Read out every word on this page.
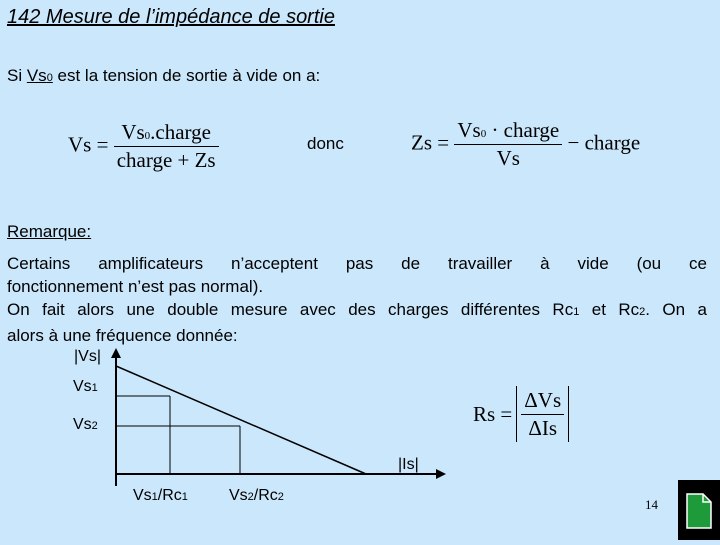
142 Mesure de l’impédance de sortie
Si Vs0 est la tension de sortie à vide on a:
$Vs = \frac{\text{Vs0.charge}}{\text{charge + Zs}}$	donc	$Zs = \frac{\text{Vs0 · charge}}{Vs}$ − charge
Remarque:

Certains amplificateurs n’acceptent pas de travailler à vide (ou ce

fonctionnement n’est pas normal).

On fait alors une double mesure avec des charges différentes Rc1 et Rc2. On a

alors à une fréquence donnée:

|Vs|
|Is|
Vs1
Vs2
Vs1/Rc1	Vs2/Rc2
$Rs = \frac{\text{ΔVs}}{\text{ΔIs}}$
14
